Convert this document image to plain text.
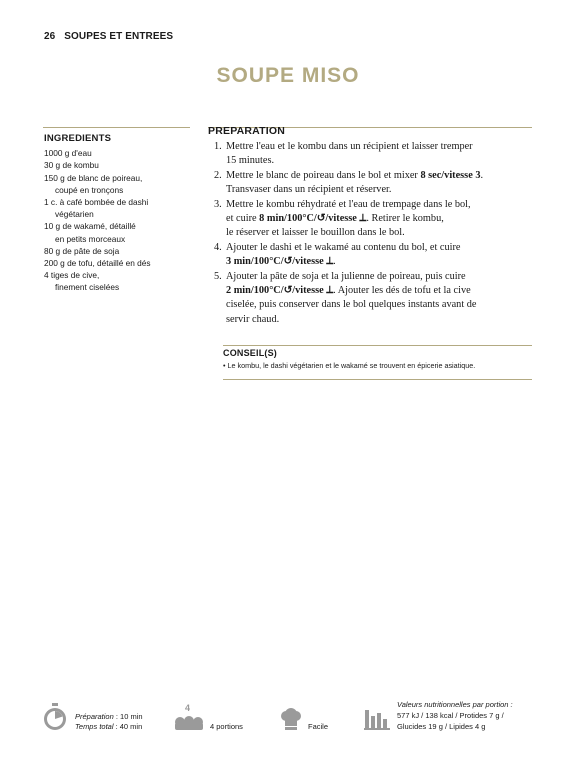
26 SOUPES ET ENTREES
SOUPE MISO
INGREDIENTS
1000 g d'eau
30 g de kombu
150 g de blanc de poireau,
coupé en tronçons
1 c. à café bombée de dashi
végétarien
10 g de wakamé, détaillé
en petits morceaux
80 g de pâte de soja
200 g de tofu, détaillé en dés
4 tiges de cive,
finement ciselées
PREPARATION
1. Mettre l'eau et le kombu dans un récipient et laisser tremper
15 minutes.
2. Mettre le blanc de poireau dans le bol et mixer 8 sec/vitesse 3.
Transvaser dans un récipient et réserver.
3. Mettre le kombu réhydraté et l'eau de trempage dans le bol,
et cuire 8 min/100°C/↺/vitesse ⟂. Retirer le kombu,
le réserver et laisser le bouillon dans le bol.
4. Ajouter le dashi et le wakamé au contenu du bol, et cuire
3 min/100°C/↺/vitesse ⟂.
5. Ajouter la pâte de soja et la julienne de poireau, puis cuire
2 min/100°C/↺/vitesse ⟂. Ajouter les dés de tofu et la cive
ciselée, puis conserver dans le bol quelques instants avant de
servir chaud.
CONSEIL(S)
• Le kombu, le dashi végétarien et le wakamé se trouvent en épicerie asiatique.
Préparation : 10 min
Temps total : 40 min
4
4 portions	Facile
Valeurs nutritionnelles par portion :
577 kJ / 138 kcal / Protides 7 g /
Glucides 19 g / Lipides 4 g
